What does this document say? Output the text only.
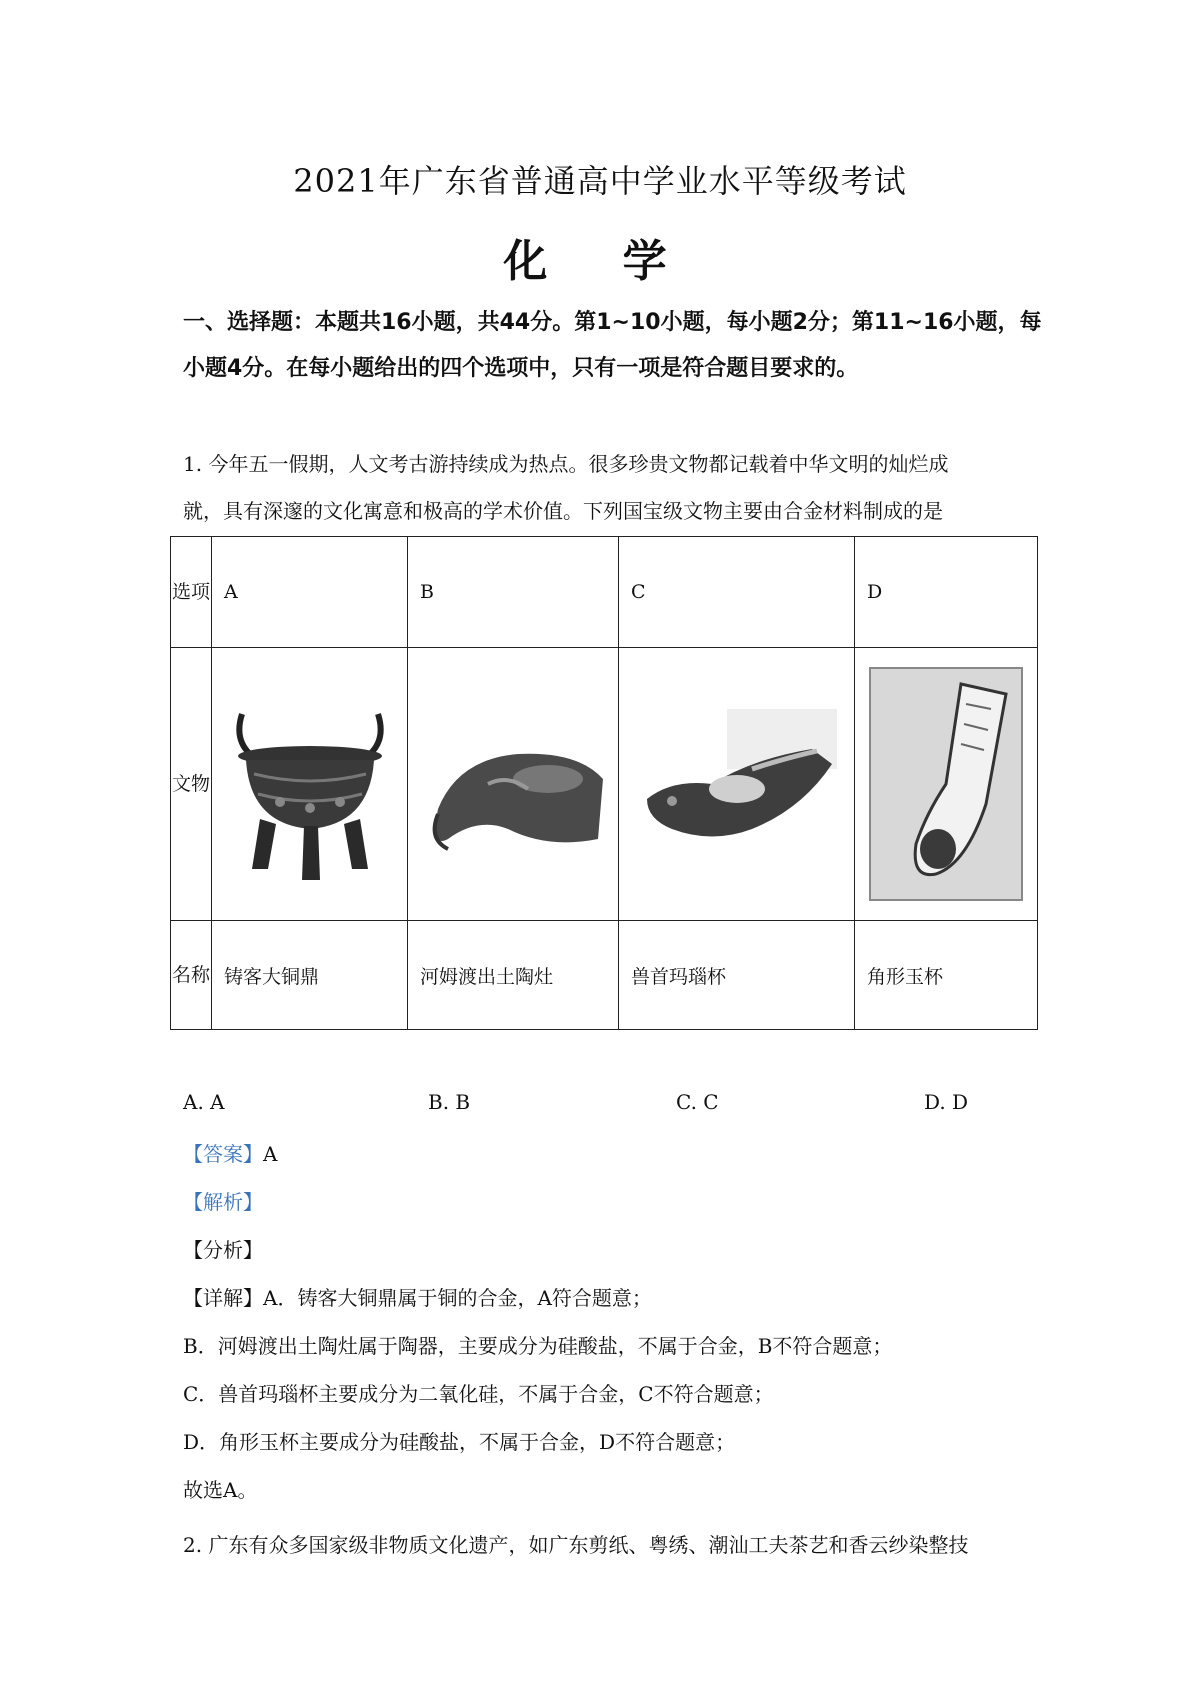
2021年广东省普通高中学业水平等级考试
化 学
一、选择题：本题共16小题，共44分。第1~10小题，每小题2分；第11~16小题，每小题4分。在每小题给出的四个选项中，只有一项是符合题目要求的。
1. 今年五一假期，人文考古游持续成为热点。很多珍贵文物都记载着中华文明的灿烂成
就，具有深邃的文化寓意和极高的学术价值。下列国宝级文物主要由合金材料制成的是
选项	A	B	C	D
文物	

名称	铸客大铜鼎	河姆渡出土陶灶	兽首玛瑙杯	角形玉杯
A. A	B. B	C. C	D. D
【答案】A
【解析】
【分析】
【详解】A．铸客大铜鼎属于铜的合金，A符合题意；
B．河姆渡出土陶灶属于陶器，主要成分为硅酸盐，不属于合金，B不符合题意；
C．兽首玛瑙杯主要成分为二氧化硅，不属于合金，C不符合题意；
D．角形玉杯主要成分为硅酸盐，不属于合金，D不符合题意；
故选A。
2. 广东有众多国家级非物质文化遗产，如广东剪纸、粤绣、潮汕工夫茶艺和香云纱染整技
